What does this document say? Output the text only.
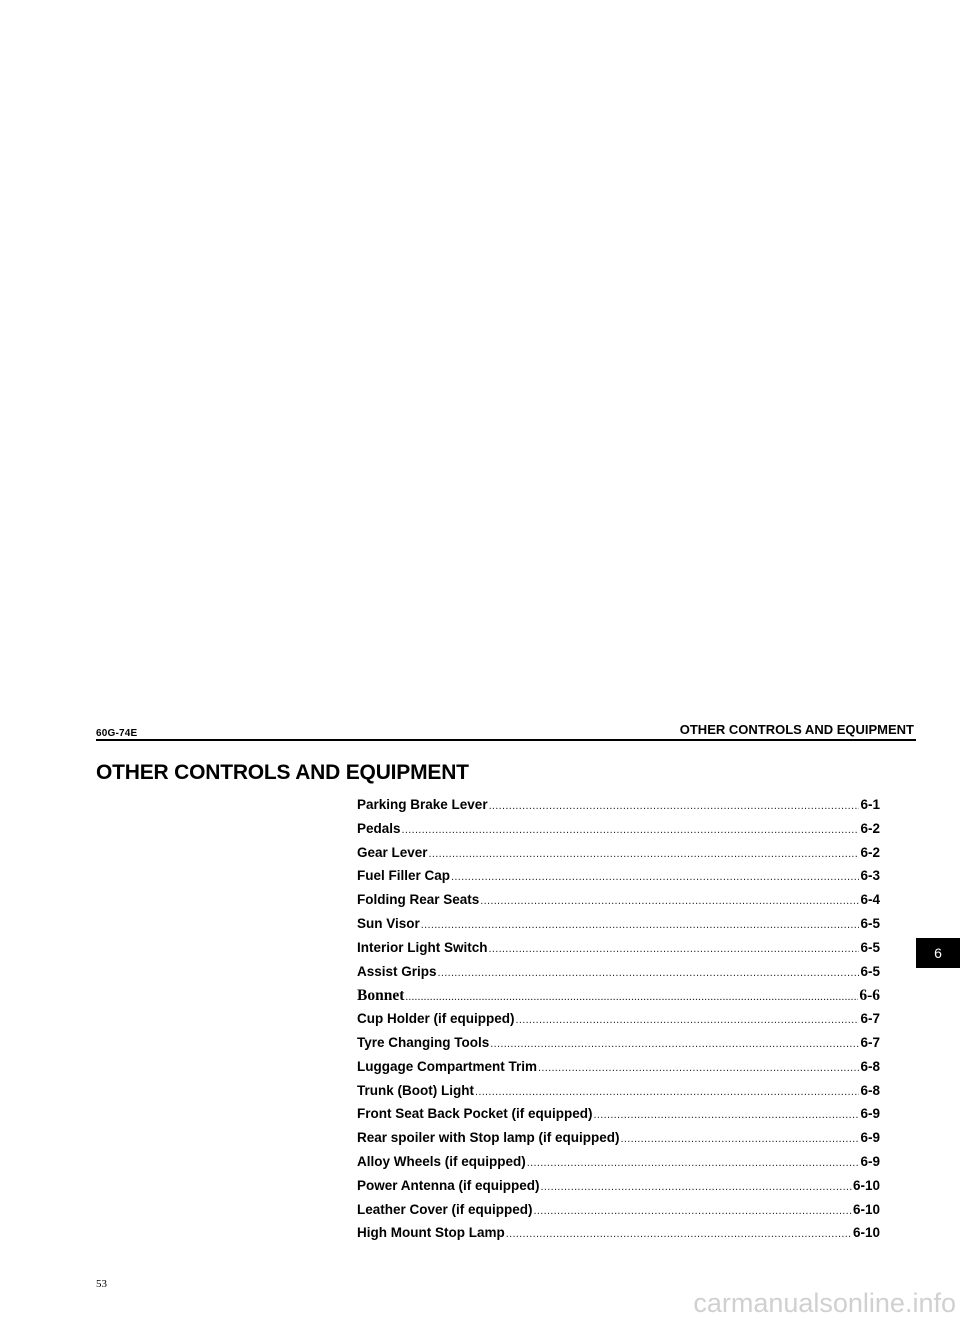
60G-74E	OTHER CONTROLS AND EQUIPMENT
OTHER CONTROLS AND EQUIPMENT
Parking Brake Lever .....	6-1
Pedals .....	6-2
Gear Lever .....	6-2
Fuel Filler Cap .....	6-3
Folding Rear Seats .....	6-4
Sun Visor .....	6-5
Interior Light Switch .....	6-5
Assist Grips .....	6-5
Bonnet .....	6-6
Cup Holder (if equipped) .....	6-7
Tyre Changing Tools .....	6-7
Luggage Compartment Trim .....	6-8
Trunk (Boot) Light .....	6-8
Front Seat Back Pocket (if equipped) .....	6-9
Rear spoiler with Stop lamp (if equipped) .....	6-9
Alloy Wheels (if equipped) .....	6-9
Power Antenna (if equipped) .....	6-10
Leather Cover (if equipped) .....	6-10
High Mount Stop Lamp .....	6-10
6
53
carmanualsonline.info
